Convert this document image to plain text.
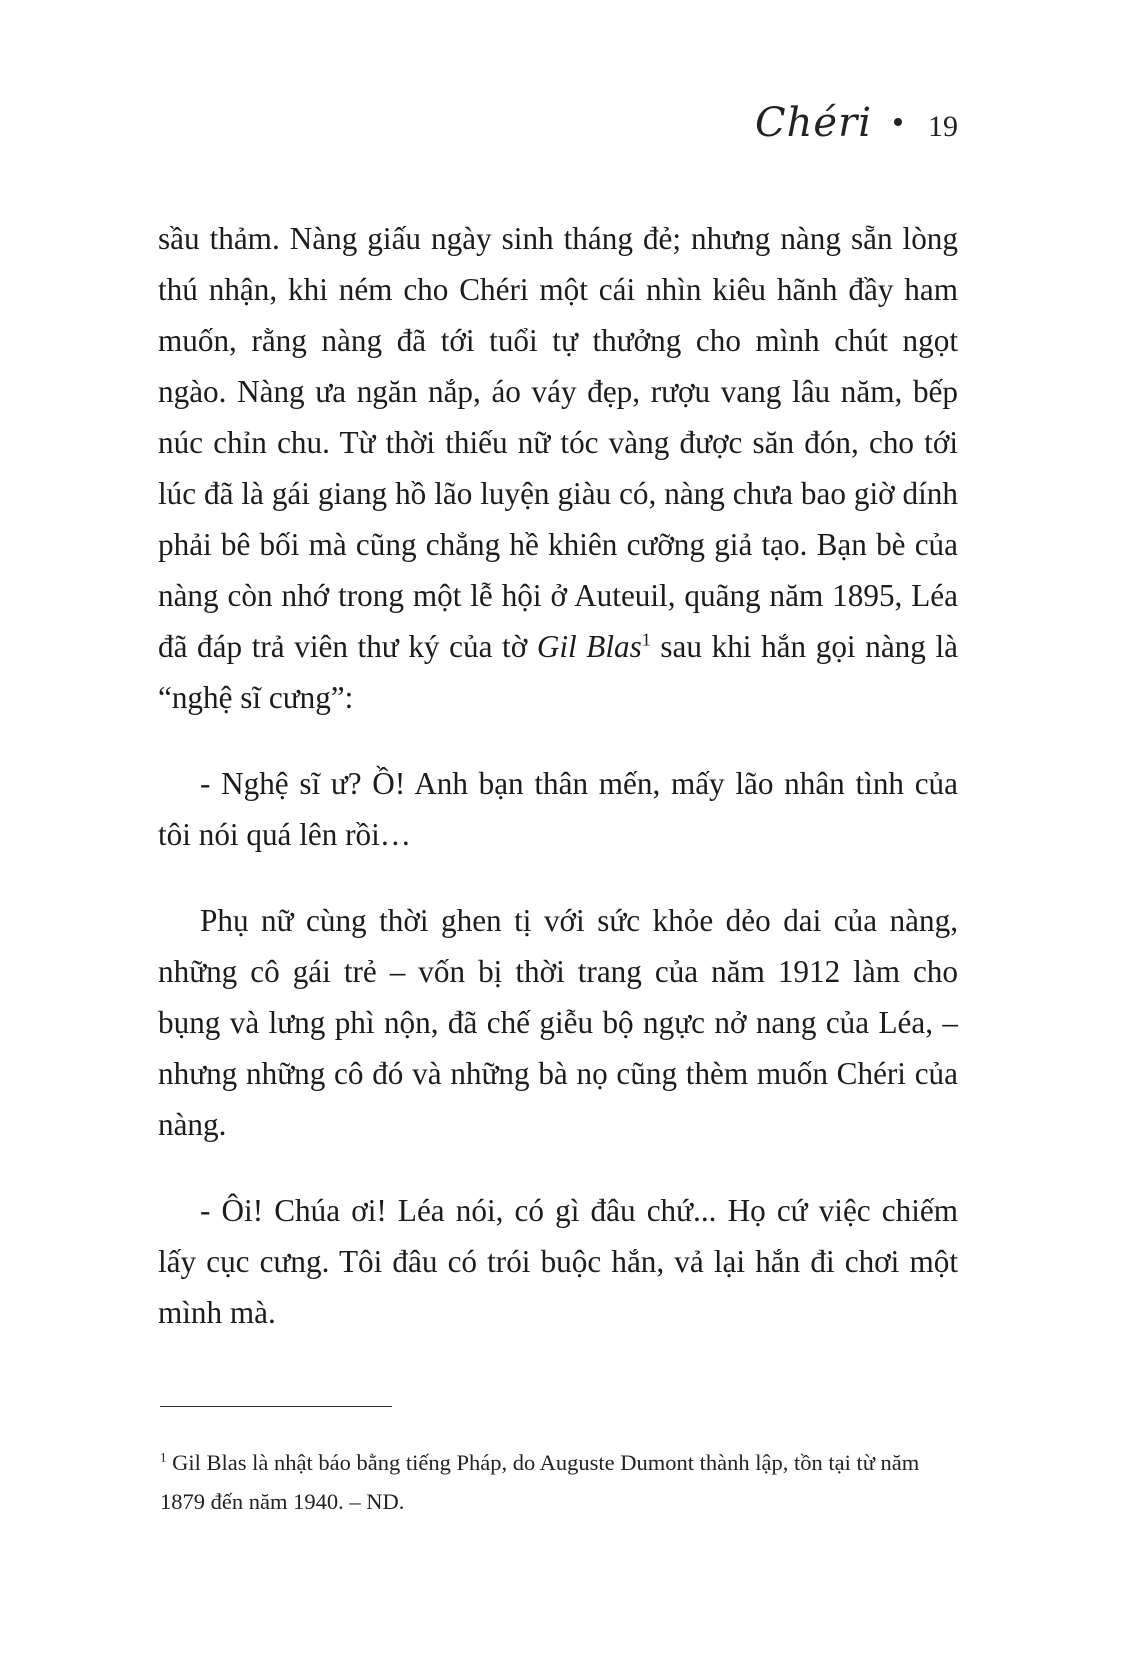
Chéri 19

sầu thảm. Nàng giấu ngày sinh tháng đẻ; nhưng nàng sẵn lòng thú nhận, khi ném cho Chéri một cái nhìn kiêu hãnh đầy ham muốn, rằng nàng đã tới tuổi tự thưởng cho mình chút ngọt ngào. Nàng ưa ngăn nắp, áo váy đẹp, rượu vang lâu năm, bếp núc chỉn chu. Từ thời thiếu nữ tóc vàng được săn đón, cho tới lúc đã là gái giang hồ lão luyện giàu có, nàng chưa bao giờ dính phải bê bối mà cũng chẳng hề khiên cưỡng giả tạo. Bạn bè của nàng còn nhớ trong một lễ hội ở Auteuil, quãng năm 1895, Léa đã đáp trả viên thư ký của tờ Gil Blas$^1$ sau khi hắn gọi nàng là “nghệ sĩ cưng”:

- Nghệ sĩ ư? Ồ! Anh bạn thân mến, mấy lão nhân tình của tôi nói quá lên rồi…

Phụ nữ cùng thời ghen tị với sức khỏe dẻo dai của nàng, những cô gái trẻ – vốn bị thời trang của năm 1912 làm cho bụng và lưng phì nộn, đã chế giễu bộ ngực nở nang của Léa, – nhưng những cô đó và những bà nọ cũng thèm muốn Chéri của nàng.

- Ôi! Chúa ơi! Léa nói, có gì đâu chứ... Họ cứ việc chiếm lấy cục cưng. Tôi đâu có trói buộc hắn, vả lại hắn đi chơi một mình mà.

$^1$ Gil Blas là nhật báo bằng tiếng Pháp, do Auguste Dumont thành lập, tồn tại từ năm 1879 đến năm 1940. – ND.
